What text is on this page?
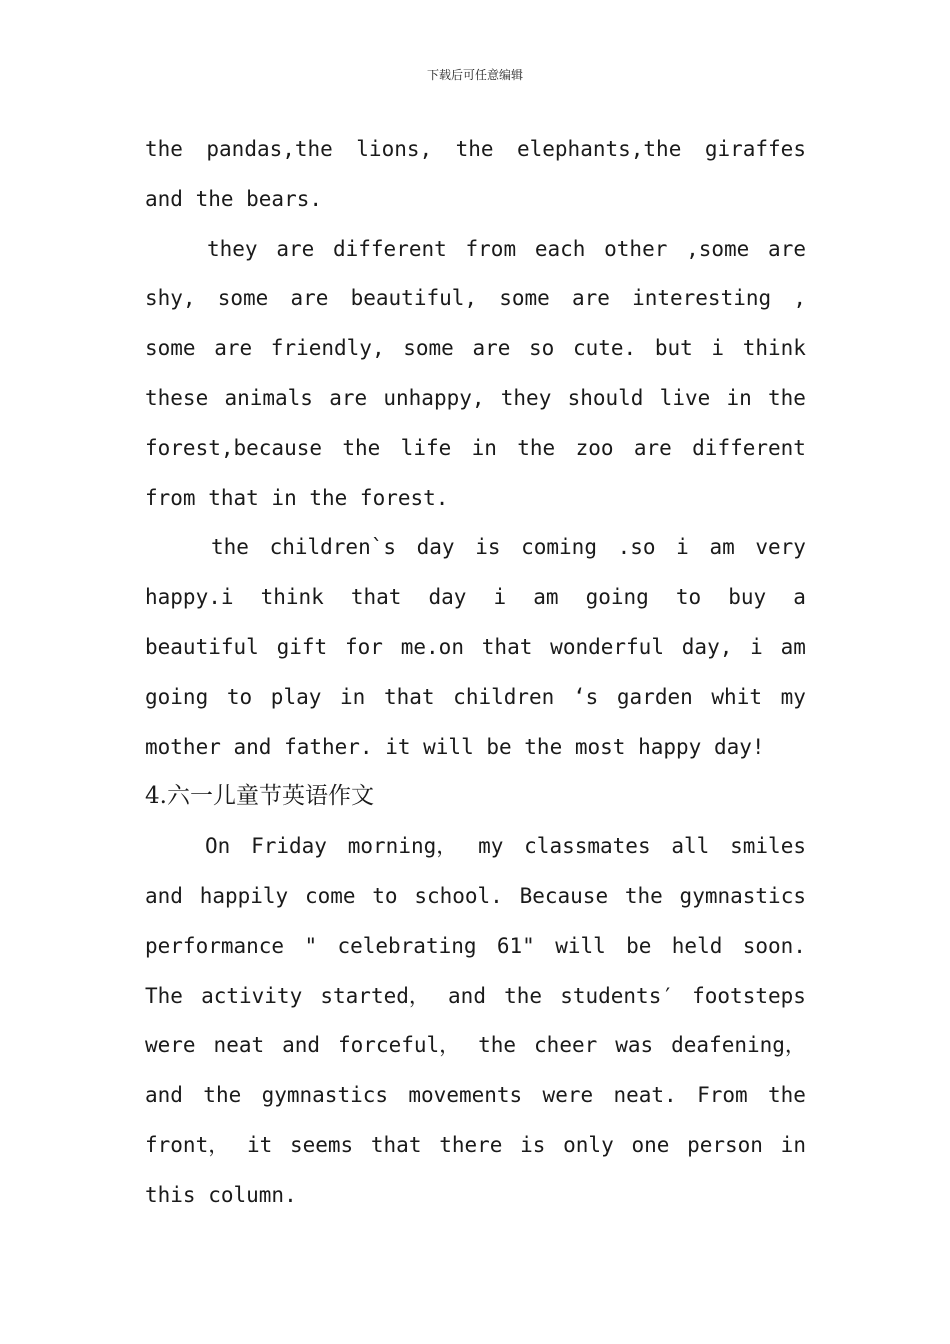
下载后可任意编辑
the pandas,the lions, the elephants,the giraffes
and the bears.
they are different from each other ,some are
shy, some are beautiful, some are interesting ,
some are friendly, some are so cute. but i think
these animals are unhappy, they should live in the
forest,because the life in the zoo are different
from that in the forest.
the children`s day is coming .so i am very
happy.i think that day i am going to buy a
beautiful gift for me.on that wonderful day, i am
going to play in that children ‘s garden whit my
mother and father. it will be the most happy day!
4.六一儿童节英语作文
On Friday morning， my classmates all smiles
and happily come to school. Because the gymnastics
performance " celebrating 61" will be held soon.
The activity started， and the students′ footsteps
were neat and forceful， the cheer was deafening，
and the gymnastics movements were neat. From the
front， it seems that there is only one person in
this column.
